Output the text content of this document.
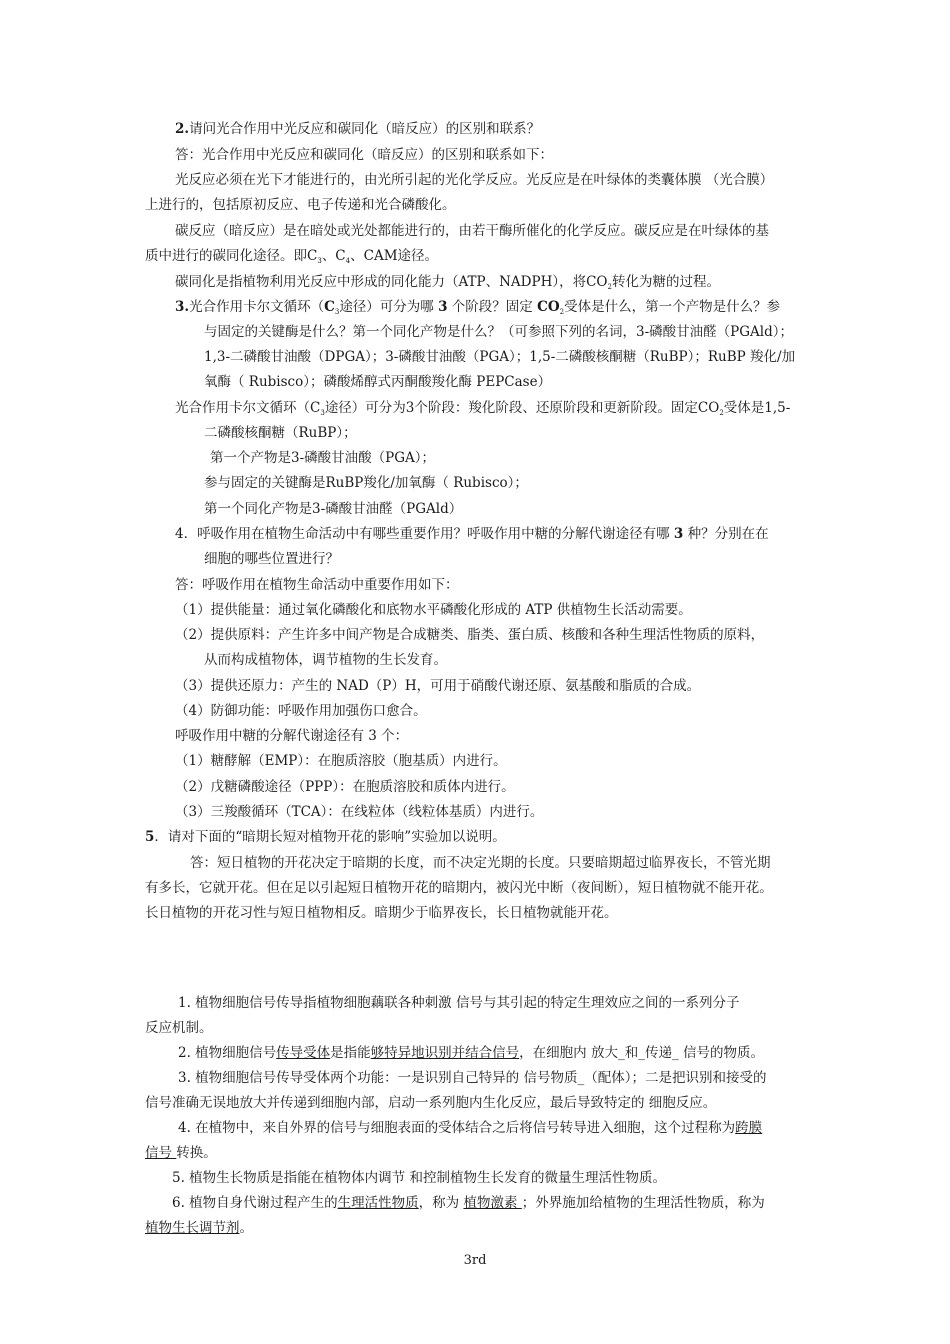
2.请问光合作用中光反应和碳同化（暗反应）的区别和联系？
答：光合作用中光反应和碳同化（暗反应）的区别和联系如下：
光反应必须在光下才能进行的，由光所引起的光化学反应。光反应是在叶绿体的类囊体膜 （光合膜）
上进行的，包括原初反应、电子传递和光合磷酸化。
碳反应（暗反应）是在暗处或光处都能进行的，由若干酶所催化的化学反应。碳反应是在叶绿体的基
质中进行的碳同化途径。即$C_3$、$C_4$、CAM途径。
碳同化是指植物利用光反应中形成的同化能力（ATP、NADPH），将$CO_2$转化为糖的过程。
3.光合作用卡尔文循环（$C_3$途径）可分为哪 3 个阶段？固定 $CO_2$受体是什么，第一个产物是什么？参
与固定的关键酶是什么？第一个同化产物是什么？（可参照下列的名词，3-磷酸甘油醛（PGAld）；
1,3-二磷酸甘油酸（DPGA）；3-磷酸甘油酸（PGA）；1,5-二磷酸核酮糖（RuBP）；RuBP 羧化/加
氧酶（ Rubisco）；磷酸烯醇式丙酮酸羧化酶 PEPCase）
光合作用卡尔文循环（$C_3$途径）可分为3个阶段：羧化阶段、还原阶段和更新阶段。固定$CO_2$受体是1,5-
二磷酸核酮糖（RuBP）；
第一个产物是3-磷酸甘油酸（PGA）；
参与固定的关键酶是RuBP羧化/加氧酶（ Rubisco）；
第一个同化产物是3-磷酸甘油醛（PGAld）
4．呼吸作用在植物生命活动中有哪些重要作用？呼吸作用中糖的分解代谢途径有哪 3 种？分别在在
细胞的哪些位置进行？
答：呼吸作用在植物生命活动中重要作用如下：
（1）提供能量：通过氧化磷酸化和底物水平磷酸化形成的 ATP 供植物生长活动需要。
（2）提供原料：产生许多中间产物是合成糖类、脂类、蛋白质、核酸和各种生理活性物质的原料，
从而构成植物体，调节植物的生长发育。
（3）提供还原力：产生的 NAD（P）H，可用于硝酸代谢还原、氨基酸和脂质的合成。
（4）防御功能：呼吸作用加强伤口愈合。
呼吸作用中糖的分解代谢途径有 3 个：
（1）糖酵解（EMP）：在胞质溶胶（胞基质）内进行。
（2）戊糖磷酸途径（PPP）：在胞质溶胶和质体内进行。
（3）三羧酸循环（TCA）：在线粒体（线粒体基质）内进行。
5．请对下面的“暗期长短对植物开花的影响”实验加以说明。
答：短日植物的开花决定于暗期的长度，而不决定光期的长度。只要暗期超过临界夜长，不管光期
有多长，它就开花。但在足以引起短日植物开花的暗期内，被闪光中断（夜间断），短日植物就不能开花。
长日植物的开花习性与短日植物相反。暗期少于临界夜长，长日植物就能开花。
1. 植物细胞信号传导指植物细胞藕联各种刺激 信号与其引起的特定生理效应之间的一系列分子
反应机制。
2. 植物细胞信号传导受体是指能够特异地识别并结合信号，在细胞内 放大_和_传递_ 信号的物质。
3. 植物细胞信号传导受体两个功能：一是识别自己特异的 信号物质_（配体）；二是把识别和接受的
信号准确无误地放大并传递到细胞内部，启动一系列胞内生化反应，最后导致特定的 细胞反应。
4. 在植物中，来自外界的信号与细胞表面的受体结合之后将信号转导进入细胞，这个过程称为跨膜
信号 转换。
5. 植物生长物质是指能在植物体内调节 和控制植物生长发育的微量生理活性物质。
6. 植物自身代谢过程产生的生理活性物质，称为 植物激素 ；外界施加给植物的生理活性物质，称为
植物生长调节剂。
3rd
